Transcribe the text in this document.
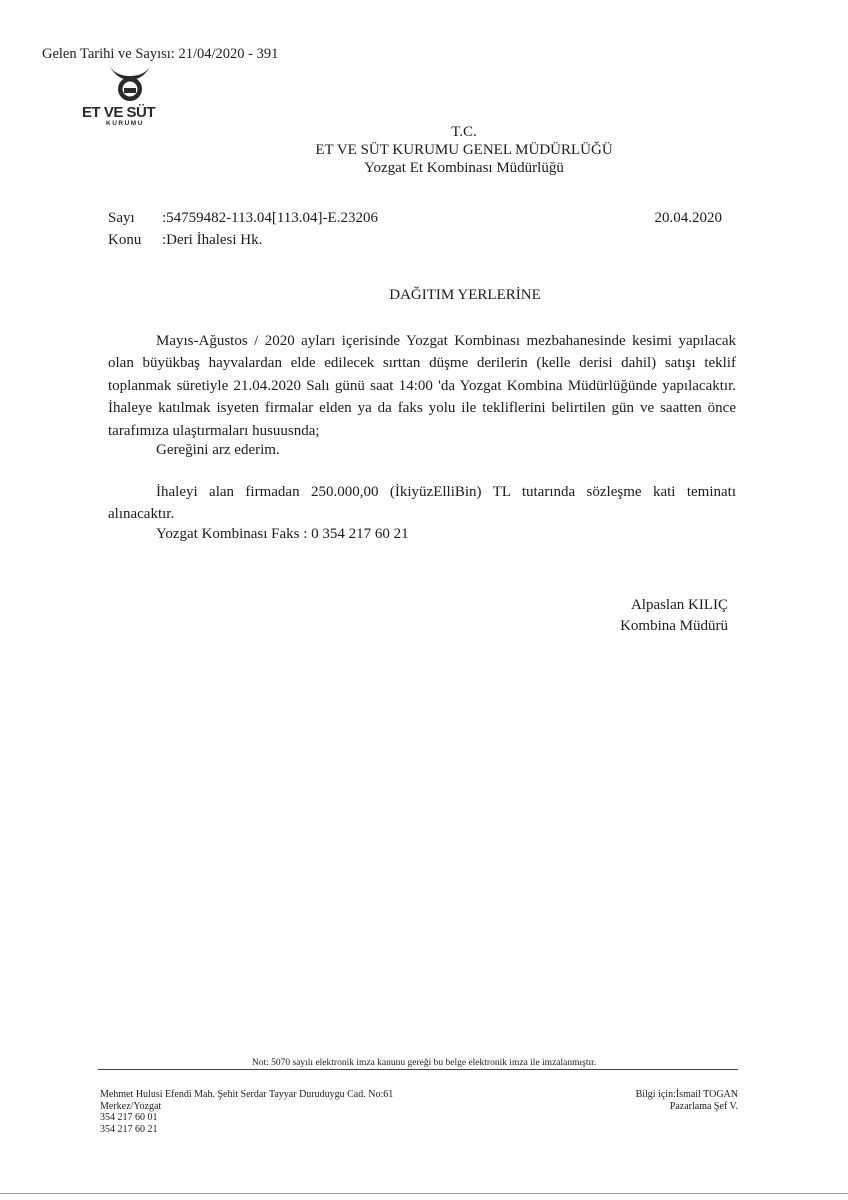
Gelen Tarihi ve Sayısı: 21/04/2020 - 391
ET VE SÜT
KURUMU
T.C.
ET VE SÜT KURUMU GENEL MÜDÜRLÜĞÜ
Yozgat Et Kombinası Müdürlüğü
Sayı :54759482-113.04[113.04]-E.23206	20.04.2020
Konu :Deri İhalesi Hk.
DAĞITIM YERLERİNE
Mayıs-Ağustos / 2020 ayları içerisinde Yozgat Kombinası mezbahanesinde kesimi yapılacak olan büyükbaş hayvalardan elde edilecek sırttan düşme derilerin (kelle derisi dahil) satışı teklif toplanmak süretiyle 21.04.2020 Salı günü saat 14:00 'da Yozgat Kombina Müdürlüğünde yapılacaktır. İhaleye katılmak isyeten firmalar elden ya da faks yolu ile tekliflerini belirtilen gün ve saatten önce tarafımıza ulaştırmaları husuusnda;
Gereğini arz ederim.
İhaleyi alan firmadan 250.000,00 (İkiyüzElliBin) TL tutarında sözleşme kati teminatı alınacaktır.
Yozgat Kombinası Faks : 0 354 217 60 21
Alpaslan KILIÇ
Kombina Müdürü
Not: 5070 sayılı elektronik imza kanunu gereği bu belge elektronik imza ile imzalanmıştır.
Mehmet Hulusi Efendi Mah. Şehit Serdar Tayyar Duruduygu Cad. No:61
Merkez/Yozgat
354 217 60 01
354 217 60 21
Bilgi için:İsmail TOGAN
Pazarlama Şef V.
